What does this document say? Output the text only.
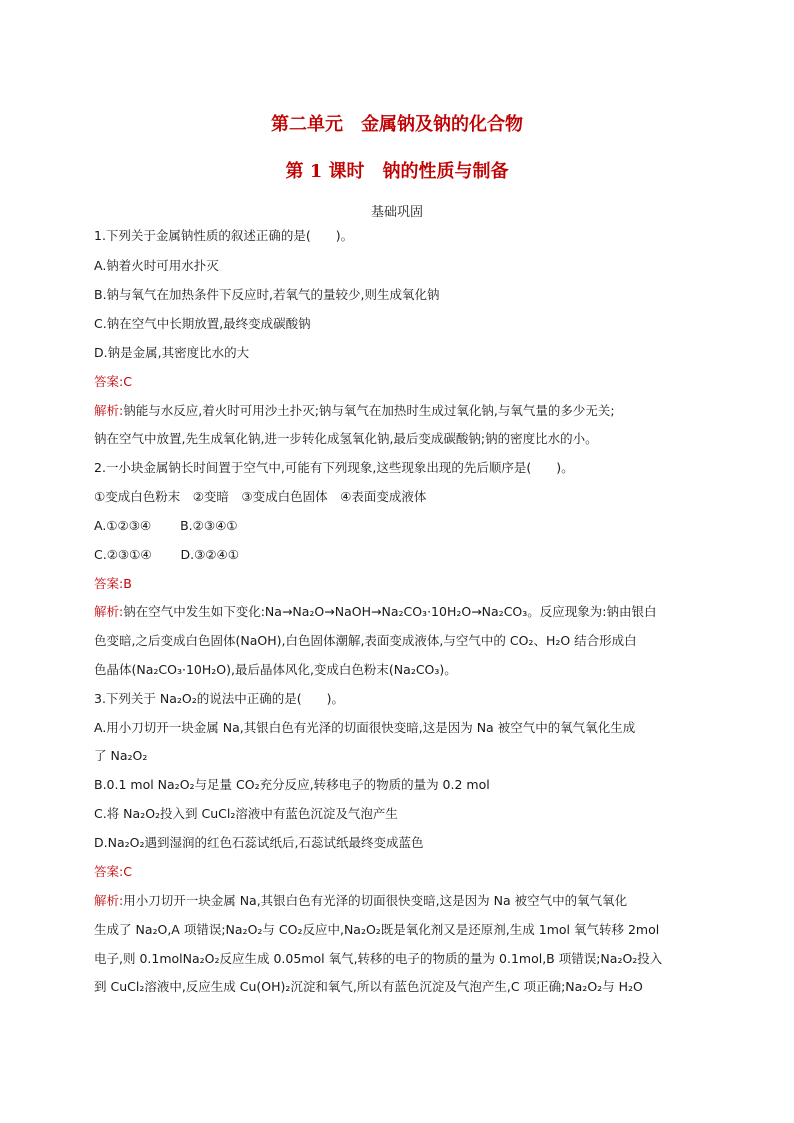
第二单元　金属钠及钠的化合物
第 1 课时　钠的性质与制备
基础巩固
1.下列关于金属钠性质的叙述正确的是(　　)。
A.钠着火时可用水扑灭
B.钠与氧气在加热条件下反应时,若氧气的量较少,则生成氧化钠
C.钠在空气中长期放置,最终变成碳酸钠
D.钠是金属,其密度比水的大
答案:C
解析:钠能与水反应,着火时可用沙土扑灭;钠与氧气在加热时生成过氧化钠,与氧气量的多少无关;
钠在空气中放置,先生成氧化钠,进一步转化成氢氧化钠,最后变成碳酸钠;钠的密度比水的小。
2.一小块金属钠长时间置于空气中,可能有下列现象,这些现象出现的先后顺序是(　　)。
①变成白色粉末　②变暗　③变成白色固体　④表面变成液体
A.①②③④　　 B.②③④①
C.②③①④　　 D.③②④①
答案:B
解析:钠在空气中发生如下变化:Na→Na₂O→NaOH→Na₂CO₃·10H₂O→Na₂CO₃。反应现象为:钠由银白
色变暗,之后变成白色固体(NaOH),白色固体潮解,表面变成液体,与空气中的 CO₂、H₂O 结合形成白
色晶体(Na₂CO₃·10H₂O),最后晶体风化,变成白色粉末(Na₂CO₃)。
3.下列关于 Na₂O₂的说法中正确的是(　　)。
A.用小刀切开一块金属 Na,其银白色有光泽的切面很快变暗,这是因为 Na 被空气中的氧气氧化生成
了 Na₂O₂
B.0.1 mol Na₂O₂与足量 CO₂充分反应,转移电子的物质的量为 0.2 mol
C.将 Na₂O₂投入到 CuCl₂溶液中有蓝色沉淀及气泡产生
D.Na₂O₂遇到湿润的红色石蕊试纸后,石蕊试纸最终变成蓝色
答案:C
解析:用小刀切开一块金属 Na,其银白色有光泽的切面很快变暗,这是因为 Na 被空气中的氧气氧化
生成了 Na₂O,A 项错误;Na₂O₂与 CO₂反应中,Na₂O₂既是氧化剂又是还原剂,生成 1mol 氧气转移 2mol
电子,则 0.1molNa₂O₂反应生成 0.05mol 氧气,转移的电子的物质的量为 0.1mol,B 项错误;Na₂O₂投入
到 CuCl₂溶液中,反应生成 Cu(OH)₂沉淀和氧气,所以有蓝色沉淀及气泡产生,C 项正确;Na₂O₂与 H₂O
